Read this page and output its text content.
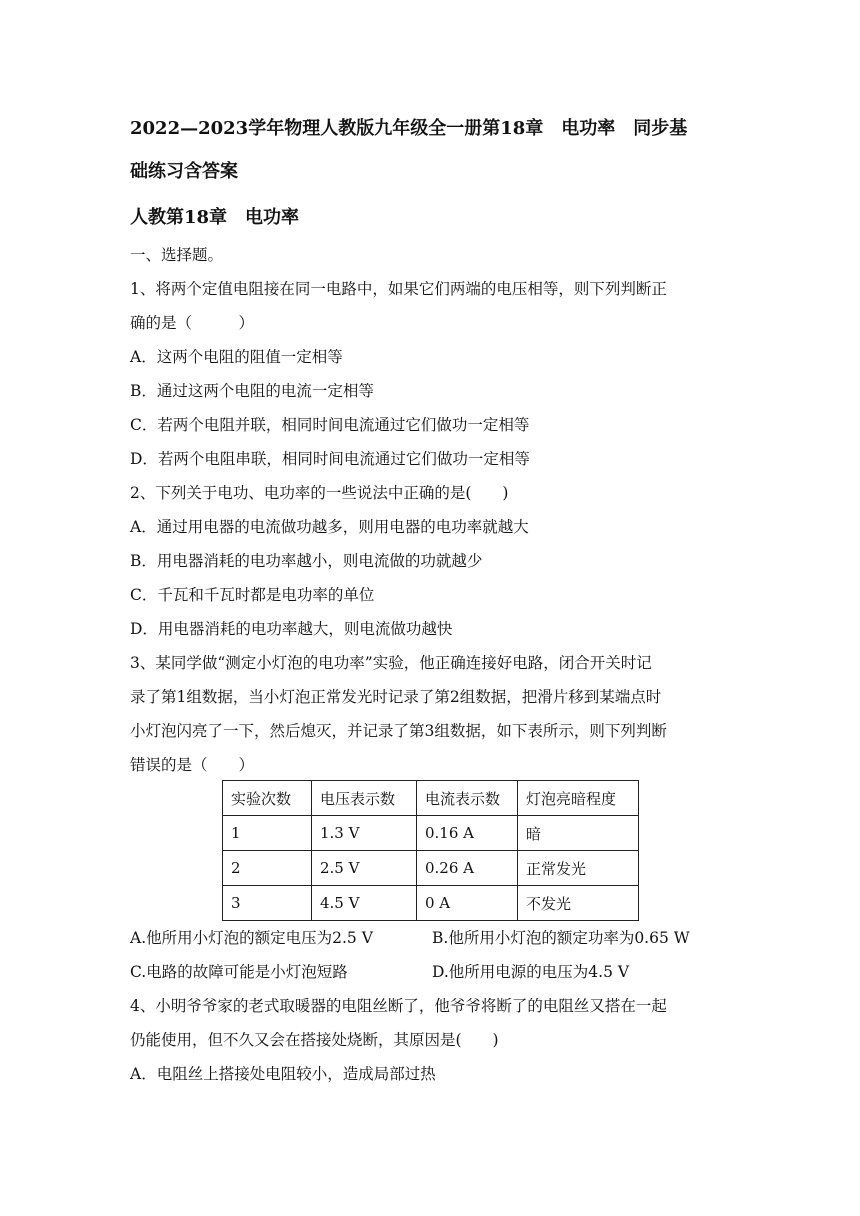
2022—2023学年物理人教版九年级全一册第18章　电功率　同步基
础练习含答案
人教第18章　电功率
一、选择题。
1、将两个定值电阻接在同一电路中，如果它们两端的电压相等，则下列判断正
确的是（　　　）
A．这两个电阻的阻值一定相等
B．通过这两个电阻的电流一定相等
C．若两个电阻并联，相同时间电流通过它们做功一定相等
D．若两个电阻串联，相同时间电流通过它们做功一定相等
2、下列关于电功、电功率的一些说法中正确的是(　　)
A．通过用电器的电流做功越多，则用电器的电功率就越大
B．用电器消耗的电功率越小，则电流做的功就越少
C．千瓦和千瓦时都是电功率的单位
D．用电器消耗的电功率越大，则电流做功越快
3、某同学做“测定小灯泡的电功率”实验，他正确连接好电路，闭合开关时记
录了第1组数据，当小灯泡正常发光时记录了第2组数据，把滑片移到某端点时
小灯泡闪亮了一下，然后熄灭，并记录了第3组数据，如下表所示，则下列判断
错误的是（　　）
实验次数	电压表示数	电流表示数	灯泡亮暗程度
1	1.3 V	0.16 A	暗
2	2.5 V	0.26 A	正常发光
3	4.5 V	0 A	不发光
A.他所用小灯泡的额定电压为2.5 V	B.他所用小灯泡的额定功率为0.65 W
C.电路的故障可能是小灯泡短路	D.他所用电源的电压为4.5 V
4、小明爷爷家的老式取暖器的电阻丝断了，他爷爷将断了的电阻丝又搭在一起
仍能使用，但不久又会在搭接处烧断，其原因是(　　)
A．电阻丝上搭接处电阻较小，造成局部过热
